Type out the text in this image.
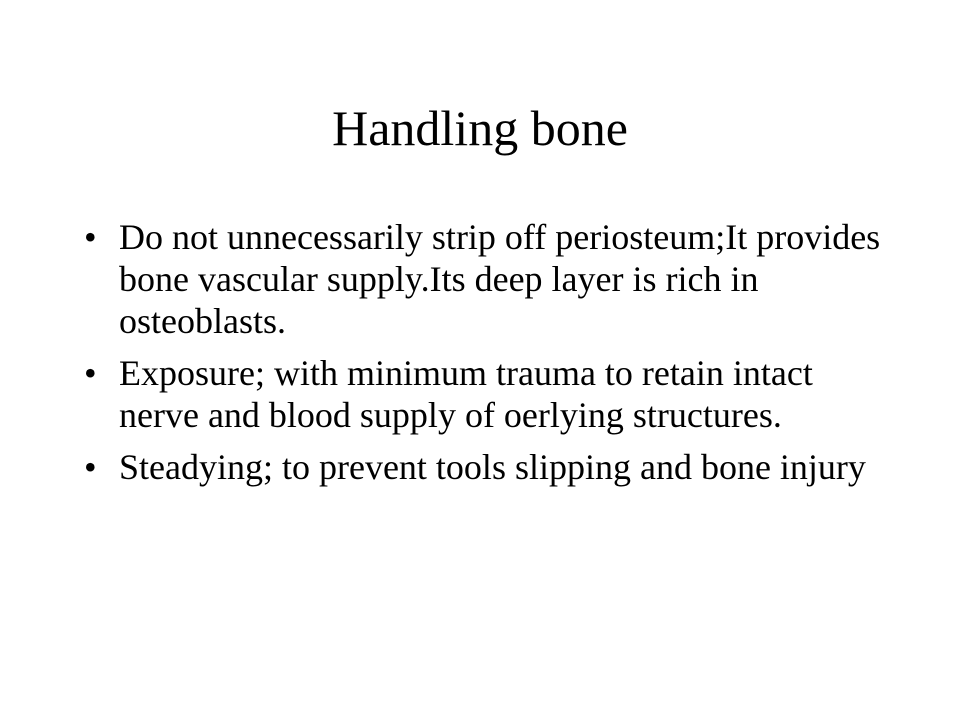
Handling bone
• Do not unnecessarily strip off periosteum;It provides bone vascular supply.Its deep layer is rich in osteoblasts.
• Exposure; with minimum trauma to retain intact nerve and blood supply of oerlying structures.
• Steadying; to prevent tools slipping and bone injury
